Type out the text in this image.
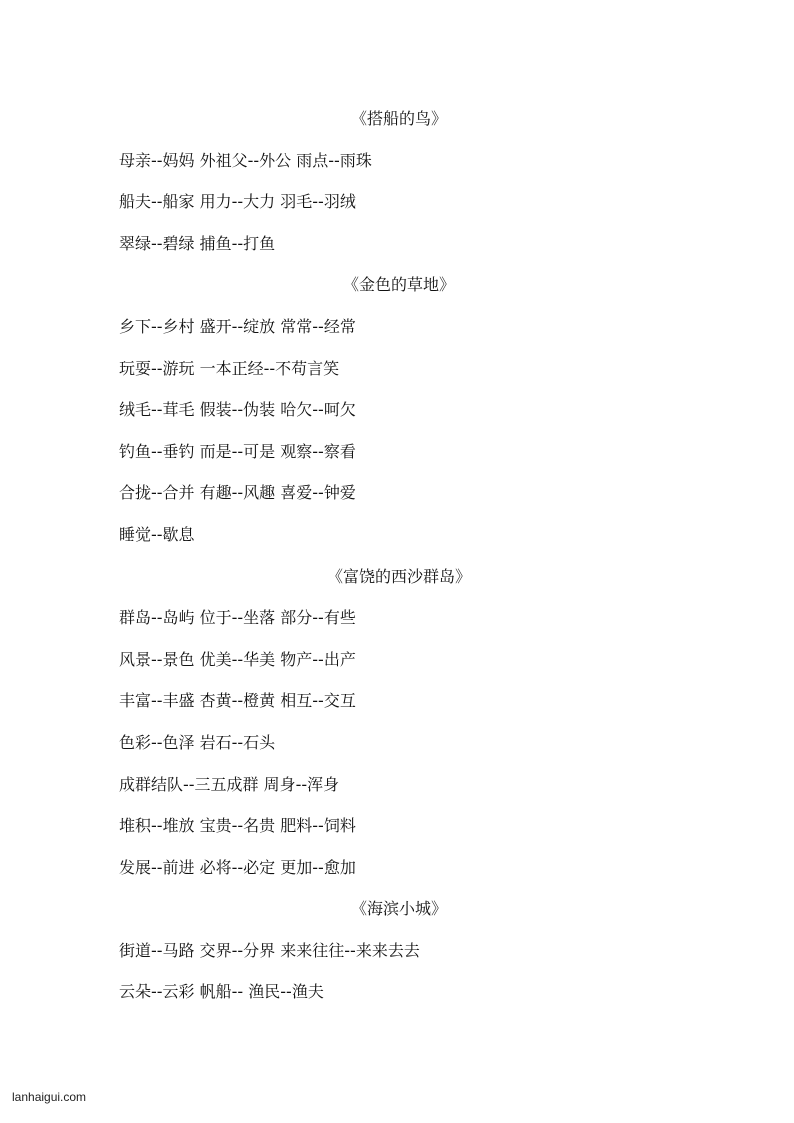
《搭船的鸟》
母亲--妈妈 外祖父--外公 雨点--雨珠
船夫--船家 用力--大力 羽毛--羽绒
翠绿--碧绿 捕鱼--打鱼
《金色的草地》
乡下--乡村 盛开--绽放 常常--经常
玩耍--游玩 一本正经--不苟言笑
绒毛--茸毛 假装--伪装 哈欠--呵欠
钓鱼--垂钓 而是--可是 观察--察看
合拢--合并 有趣--风趣 喜爱--钟爱
睡觉--歇息
《富饶的西沙群岛》
群岛--岛屿 位于--坐落 部分--有些
风景--景色 优美--华美 物产--出产
丰富--丰盛 杏黄--橙黄 相互--交互
色彩--色泽 岩石--石头
成群结队--三五成群 周身--浑身
堆积--堆放 宝贵--名贵 肥料--饲料
发展--前进 必将--必定 更加--愈加
《海滨小城》
街道--马路 交界--分界 来来往往--来来去去
云朵--云彩 帆船-- 渔民--渔夫
lanhaigui.com
